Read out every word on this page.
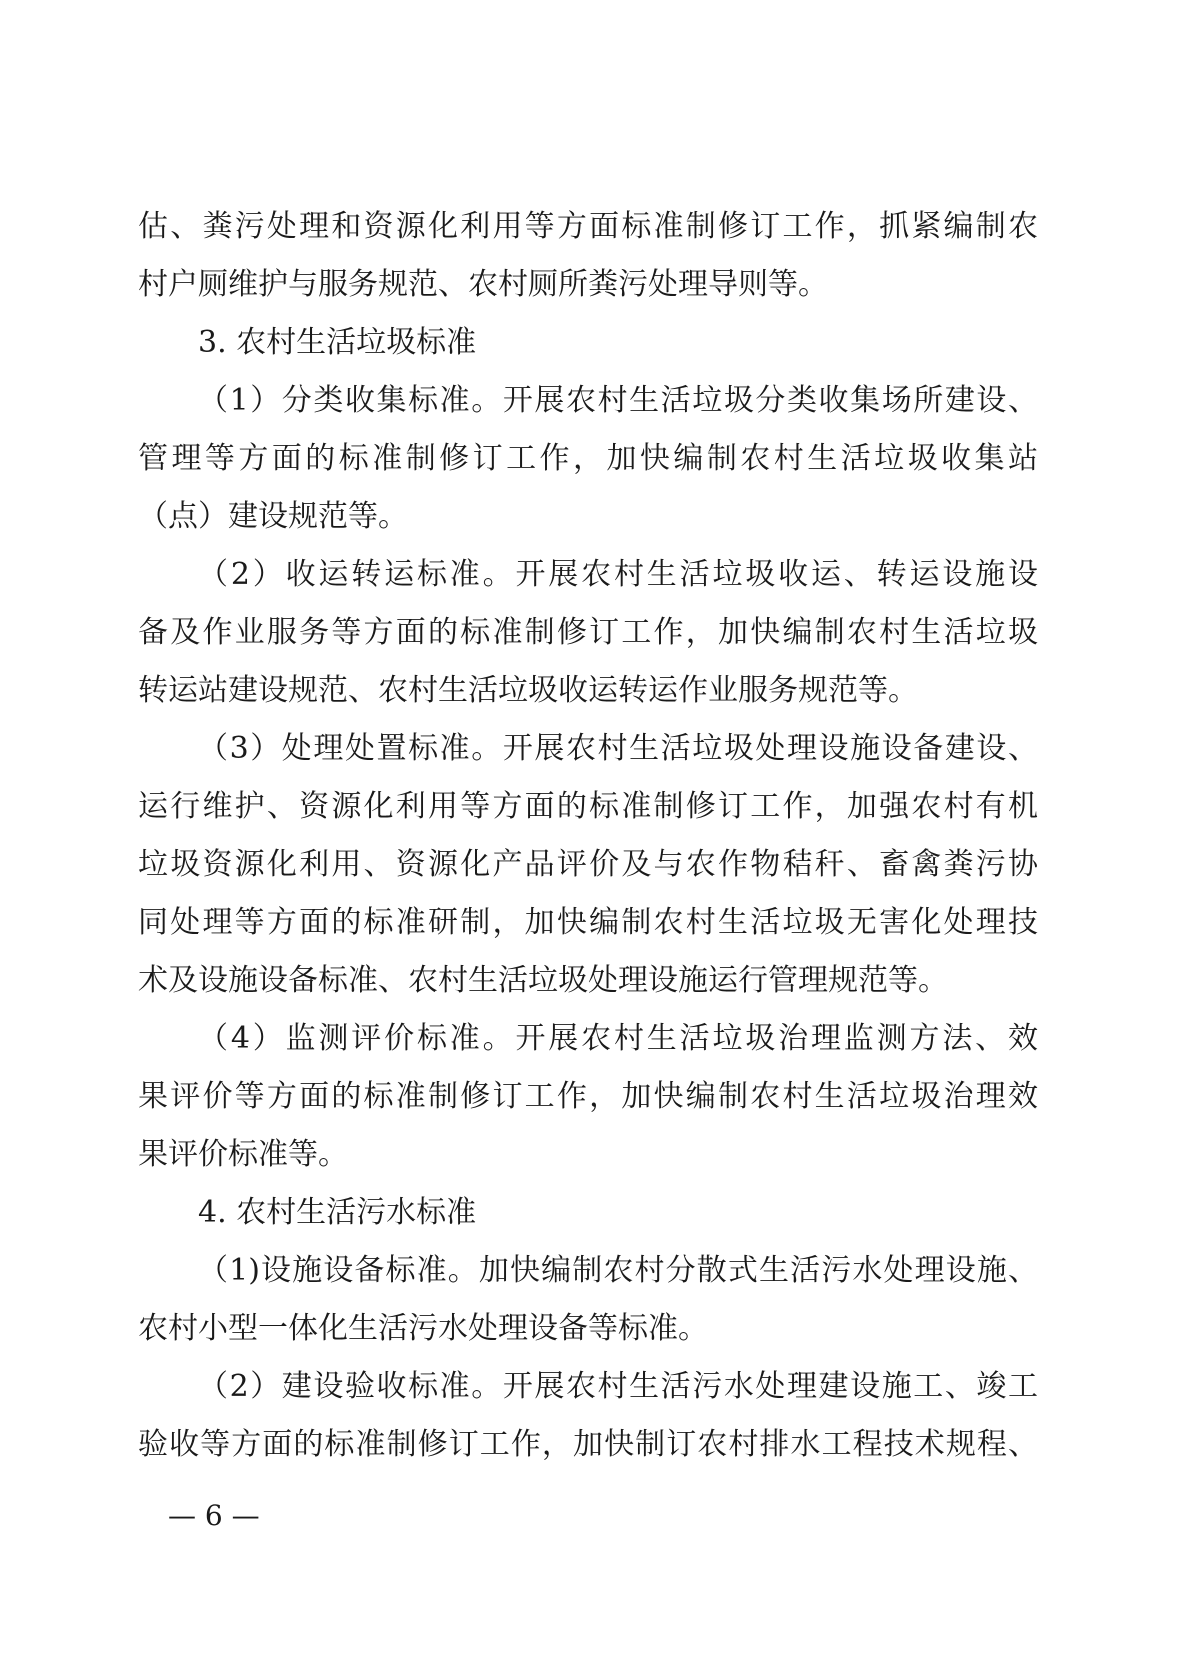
估、粪污处理和资源化利用等方面标准制修订工作，抓紧编制农
村户厕维护与服务规范、农村厕所粪污处理导则等。
3. 农村生活垃圾标准
（1）分类收集标准。开展农村生活垃圾分类收集场所建设、
管理等方面的标准制修订工作，加快编制农村生活垃圾收集站
（点）建设规范等。
（2）收运转运标准。开展农村生活垃圾收运、转运设施设
备及作业服务等方面的标准制修订工作，加快编制农村生活垃圾
转运站建设规范、农村生活垃圾收运转运作业服务规范等。
（3）处理处置标准。开展农村生活垃圾处理设施设备建设、
运行维护、资源化利用等方面的标准制修订工作，加强农村有机
垃圾资源化利用、资源化产品评价及与农作物秸秆、畜禽粪污协
同处理等方面的标准研制，加快编制农村生活垃圾无害化处理技
术及设施设备标准、农村生活垃圾处理设施运行管理规范等。
（4）监测评价标准。开展农村生活垃圾治理监测方法、效
果评价等方面的标准制修订工作，加快编制农村生活垃圾治理效
果评价标准等。
4. 农村生活污水标准
（1)设施设备标准。加快编制农村分散式生活污水处理设施、
农村小型一体化生活污水处理设备等标准。
（2）建设验收标准。开展农村生活污水处理建设施工、竣工
验收等方面的标准制修订工作，加快制订农村排水工程技术规程、
— 6 —
